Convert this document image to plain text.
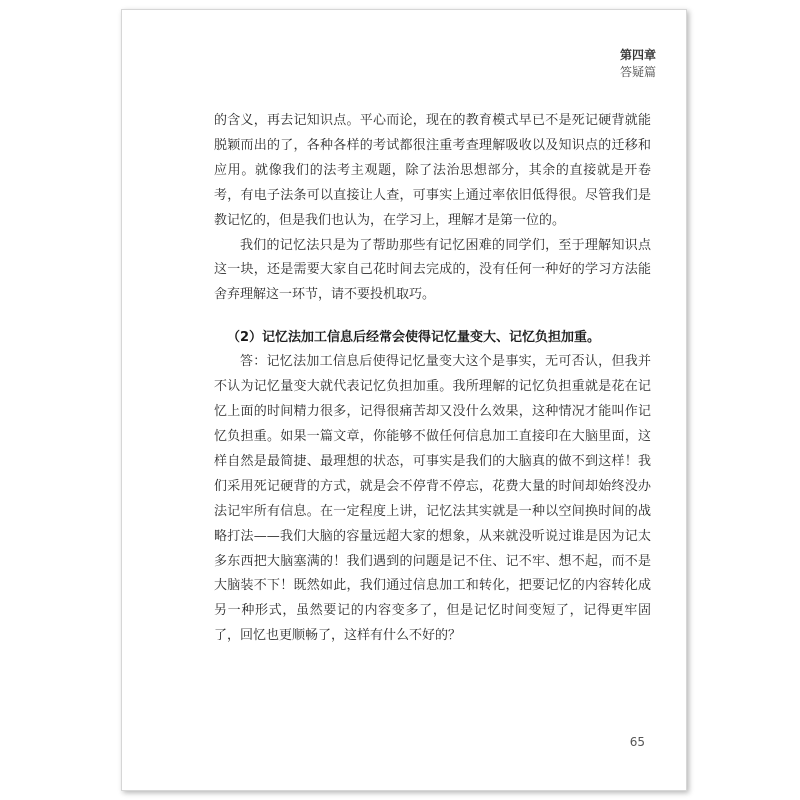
第四章
答疑篇

的含义，再去记知识点。平心而论，现在的教育模式早已不是死记硬背就能脱颖而出的了，各种各样的考试都很注重考查理解吸收以及知识点的迁移和应用。就像我们的法考主观题，除了法治思想部分，其余的直接就是开卷考，有电子法条可以直接让人查，可事实上通过率依旧低得很。尽管我们是教记忆的，但是我们也认为，在学习上，理解才是第一位的。

我们的记忆法只是为了帮助那些有记忆困难的同学们，至于理解知识点这一块，还是需要大家自己花时间去完成的，没有任何一种好的学习方法能舍弃理解这一环节，请不要投机取巧。

（2）记忆法加工信息后经常会使得记忆量变大、记忆负担加重。

答：记忆法加工信息后使得记忆量变大这个是事实，无可否认，但我并不认为记忆量变大就代表记忆负担加重。我所理解的记忆负担重就是花在记忆上面的时间精力很多，记得很痛苦却又没什么效果，这种情况才能叫作记忆负担重。如果一篇文章，你能够不做任何信息加工直接印在大脑里面，这样自然是最简捷、最理想的状态，可事实是我们的大脑真的做不到这样！我们采用死记硬背的方式，就是会不停背不停忘，花费大量的时间却始终没办法记牢所有信息。在一定程度上讲，记忆法其实就是一种以空间换时间的战略打法——我们大脑的容量远超大家的想象，从来就没听说过谁是因为记太多东西把大脑塞满的！我们遇到的问题是记不住、记不牢、想不起，而不是大脑装不下！既然如此，我们通过信息加工和转化，把要记忆的内容转化成另一种形式，虽然要记的内容变多了，但是记忆时间变短了，记得更牢固了，回忆也更顺畅了，这样有什么不好的？

65
